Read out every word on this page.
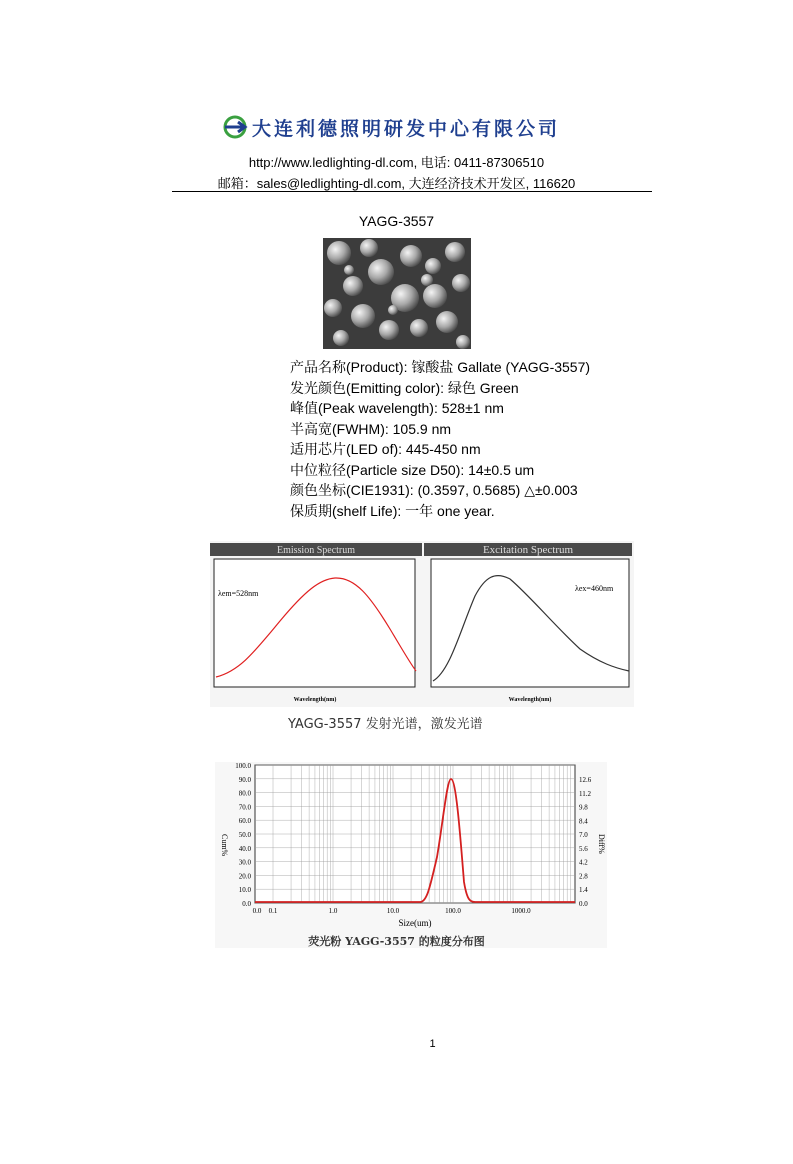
大连利德照明研发中心有限公司
http://www.ledlighting-dl.com, 电话: 0411-87306510
邮箱：sales@ledlighting-dl.com, 大连经济技术开发区, 116620
YAGG-3557
产品名称(Product): 镓酸盐 Gallate (YAGG-3557)
发光颜色(Emitting color): 绿色 Green
峰值(Peak wavelength): 528±1 nm
半高宽(FWHM): 105.9 nm
适用芯片(LED of): 445-450 nm
中位粒径(Particle size D50): 14±0.5 um
颜色坐标(CIE1931): (0.3597, 0.5685) △±0.003
保质期(shelf Life): 一年 one year.
Emission Spectrum	Excitation Spectrum
λem=528nm
λex=460nm
Wavelength(nm)	Wavelength(nm)
YAGG-3557 发射光谱，激发光谱
100.0
90.0
80.0
70.0
60.0
50.0
40.0
30.0
20.0
10.0
0.0
12.6
11.2
9.8
8.4
7.0
5.6
4.2
2.8
1.4
0.0
0.0 0.1	1.0	10.0	100.0	1000.0
Cum%	Diff%
Size(um)
荧光粉 YAGG-3557 的粒度分布图
1
